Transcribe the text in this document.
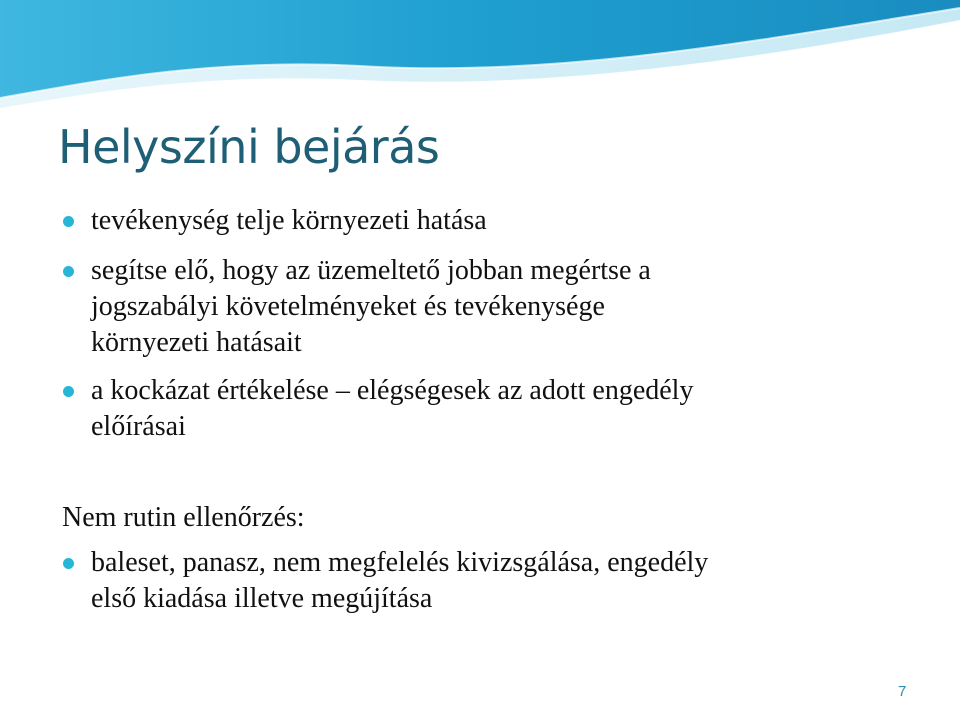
Helyszíni bejárás
tevékenység telje környezeti hatása
segítse elő, hogy az üzemeltető jobban megértse a
jogszabályi követelményeket és tevékenysége
környezeti hatásait
a kockázat értékelése – elégségesek az adott engedély
előírásai
Nem rutin ellenőrzés:
baleset, panasz, nem megfelelés kivizsgálása, engedély
első kiadása illetve megújítása
7
